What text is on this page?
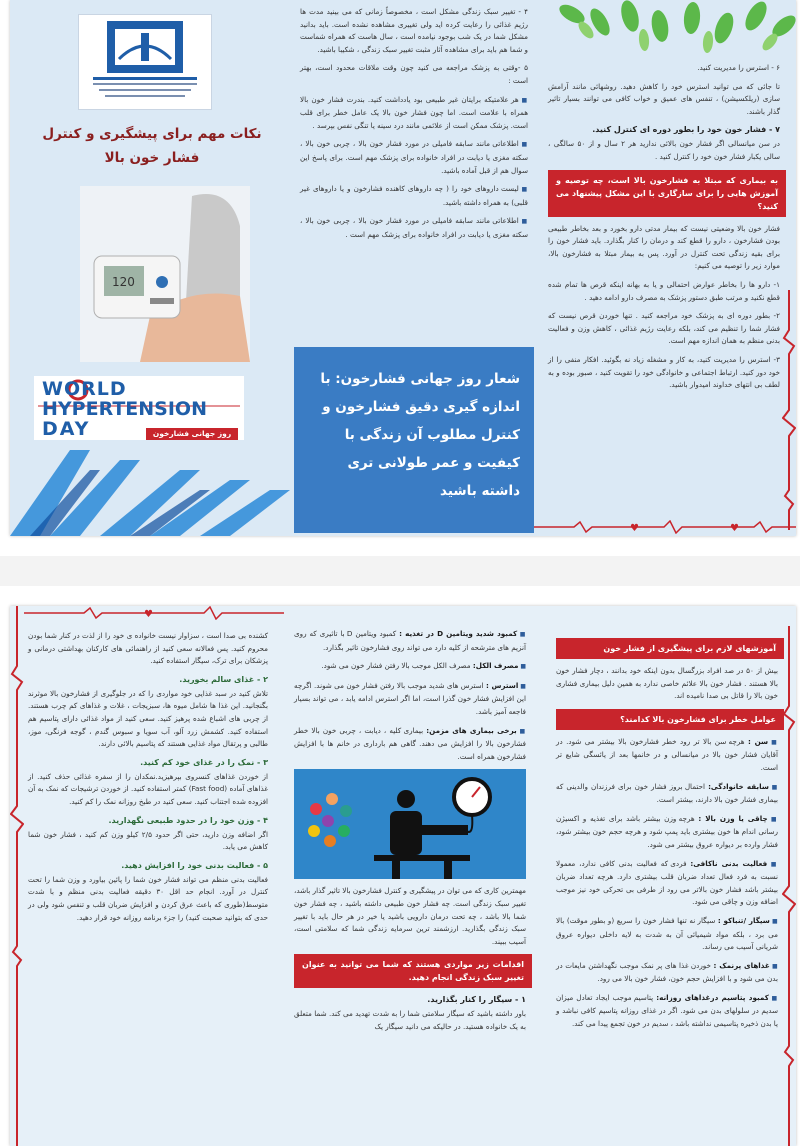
۶ - استرس را مدیریت کنید.

تا جائی که می توانید استرس خود را کاهش دهید. روشهائی مانند آرامش سازی (ریلکسیشن) ، تنفس های عمیق و خواب کافی می توانند بسیار تاثیر گذار باشند.

۷ - فشار خون خود را بطور دوره ای کنترل کنید.

در سن میانسالی اگر فشار خون بالائی ندارید هر ۲ سال و از ۵۰ سالگی ، سالی یکبار فشار خون خود را کنترل کنید .

به بیماری که مبتلا به فشارخون بالا است، چه توصیه و آموزش هایی را برای سازگاری با این مشکل پیشنهاد می کنید؟

فشار خون بالا وضعیتی نیست که بیمار مدتی دارو بخورد و بعد بخاطر طبیعی بودن فشارخون ، دارو را قطع کند و درمان را کنار بگذارد. باید فشار خون را برای بقیه زندگی تحت کنترل در آورد. پس به بیمار مبتلا به فشارخون بالا، موارد زیر را توصیه می کنیم:

۱- دارو ها را بخاطر عوارض احتمالی و یا به بهانه اینکه قرص ها تمام شده قطع نکنید و مرتب طبق دستور پزشک به مصرف دارو ادامه دهید .

۲- بطور دوره ای به پزشک خود مراجعه کنید . تنها خوردن قرص نیست که فشار شما را تنظیم می کند، بلکه رعایت رژیم غذائی ، کاهش وزن و فعالیت بدنی منظم به همان اندازه مهم است.

۳- استرس را مدیریت کنید، به کار و مشغله زیاد نه بگوئید. افکار منفی را از خود دور کنید. ارتباط اجتماعی و خانوادگی خود را تقویت کنید ، صبور بوده و به لطف بی انتهای خداوند امیدوار باشید.

♥	♥

۴ - تغییر سبک زندگی مشکل است ، مخصوصاً زمانی که می بینید مدت ها رژیم غذائی را رعایت کرده اید ولی تغییری مشاهده نشده است. باید بدانید مشکل شما در یک شب بوجود نیامده است ، سال هاست که همراه شماست و شما هم باید برای مشاهده آثار مثبت تغییر سبک زندگی ، شکیبا باشید.

۵ -وقتی به پزشک مراجعه می کنید چون وقت ملاقات محدود است، بهتر است :

■ هر علامتیکه برایتان غیر طبیعی بود یادداشت کنید. بندرت فشار خون بالا همراه با علامت است. اما چون فشار خون بالا یک عامل خطر برای قلب است. پزشک ممکن است از علائمی مانند درد سینه یا تنگی نفس بپرسد .

■ اطلاعاتی مانند سابقه فامیلی در مورد فشار خون بالا ، چربی خون بالا ، سکته مغزی یا دیابت در افراد خانواده برای پزشک مهم است. برای پاسخ این سوال هم از قبل آماده باشید.

■ لیست داروهای خود را ( چه داروهای کاهنده فشارخون و یا داروهای غیر قلبی) به همراه داشته باشید.

■ اطلاعاتی مانند سابقه فامیلی در مورد فشار خون بالا ، چربی خون بالا ، سکته مغزی یا دیابت در افراد خانواده برای پزشک مهم است .

شعار روز جهانی فشارخون: با اندازه گیری دقیق فشارخون و کنترل مطلوب آن زندگی با کیفیت و عمر طولانی تری داشته باشید
نکات مهم برای پیشگیری و کنترل فشار خون بالا
120
WORLD
HYPERTENSION
DAY	روز جهانی فشارخون
♥
آموزشهای لازم برای پیشگیری از فشار خون

بیش از ۵۰ در صد افراد بزرگسال بدون اینکه خود بدانند ، دچار فشار خون بالا هستند . فشار خون بالا علائم خاصی ندارد به همین دلیل بیماری فشاری خون بالا را قاتل بی صدا نامیده اند.

عوامل خطر برای فشارخون بالا کدامند؟

■ سن : هرچه سن بالا تر رود خطر فشارخون بالا بیشتر می شود. در آقایان فشار خون بالا در میانسالی و در خانمها بعد از یائسگی شایع تر است.

■ سابقه خانوادگی: احتمال بروز فشار خون برای فرزندان والدینی که بیماری فشار خون بالا دارند، بیشتر است.

■ چاقی یا وزن بالا : هرچه وزن بیشتر باشد برای تغذیه و اکسیژن رسانی اندام ها خون بیشتری باید پمپ شود و هرچه حجم خون بیشتر شود، فشار وارده بر دیواره عروق بیشتر می شود.

■ فعالیت بدنی ناکافی: فردی که فعالیت بدنی کافی ندارد، معمولا نسبت به فرد فعال تعداد ضربان قلب بیشتری دارد. هرچه تعداد ضربان بیشتر باشد فشار خون بالاتر می رود از طرفی بی تحرکی خود نیز موجب اضافه وزن و چاقی می شود.

■ سیگار /تنباکو : سیگار نه تنها فشار خون را سریع (و بطور موقت) بالا می برد ، بلکه مواد شیمیائی آن به شدت به لایه داخلی دیواره عروق شریانی آسیب می رساند.

■ غذاهای پرنمک : خوردن غذا های پر نمک موجب نگهداشتن مایعات در بدن می شود و با افزایش حجم خون، فشار خون بالا می رود.

■ کمبود پتاسیم درغذاهای روزانه: پتاسیم موجب ایجاد تعادل میزان سدیم در سلولهای بدن می شود. اگر در غذای روزانه پتاسیم کافی نباشد و یا بدن ذخیره پتاسیمی نداشته باشد ، سدیم در خون تجمع پیدا می کند.

■ کمبود شدید ویتامین D در تغذیه : کمبود ویتامین D با تاثیری که روی آنزیم های مترشحه از کلیه دارد می تواند روی فشارخون تاثیر بگذارد.

■ مصرف الکل: مصرف الکل موجب بالا رفتن فشار خون می شود.

■ استرس : استرس های شدید موجب بالا رفتن فشار خون می شوند. اگرچه این افزایش فشار خون گذرا است، اما اگر استرس ادامه یابد ، می تواند بسیار فاجعه آمیز باشد.

■ برخی بیماری های مزمن: بیماری کلیه ، دیابت ، چربی خون بالا خطر فشارخون بالا را افزایش می دهند. گاهی هم بارداری در خانم ها با افزایش فشارخون همراه است.

مهمترین کاری که می توان در پیشگیری و کنترل فشارخون بالا تاثیر گذار باشد، تغییر سبک زندگی است. چه فشار خون طبیعی داشته باشید ، چه فشار خون شما بالا باشد ، چه تحت درمان دارویی باشید یا خیر در هر حال باید با تغییر سبک زندگی بگذارید. ارزشمند ترین سرمایه زندگی شما که سلامتی است، آسیب ببیند.

اقدامات زیر مواردی هستند که شما می توانید به عنوان تغییر سبک زندگی انجام دهید.
۱ - سیگار را کنار بگذارید.

باور داشته باشید که سیگار سلامتی شما را به شدت تهدید می کند. شما متعلق به یک خانواده هستید. در حالیکه می دانید سیگار یک

کشنده بی صدا است ، سزاوار نیست خانواده ی خود را از لذت در کنار شما بودن محروم کنید. پس فعالانه سعی کنید از راهنمائی های کارکنان بهداشتی درمانی و پزشکان برای ترک، سیگار استفاده کنید.

۲ - غذای سالم بخورید.

تلاش کنید در سبد غذایی خود مواردی را که در جلوگیری از فشارخون بالا موثرند بگنجانید. این غذا ها شامل میوه ها، سبزیجات ، غلات و غذاهای کم چرب هستند. از چربی های اشباع شده پرهیز کنید. سعی کنید از مواد غذائی دارای پتاسیم هم استفاده کنید. کشمش زرد آلو، آب سویا و سبوس گندم ، گوجه فرنگی، موز، طالبی و پرتقال مواد غذایی هستند که پتاسیم بالائی دارند.

۳ - نمک را در غذای خود کم کنید.

از خوردن غذاهای کنسروی بپرهیزید.نمکدان را از سفره غذائی حذف کنید. از غذاهای آماده (Fast food) کمتر استفاده کنید. از خوردن ترشیجات که نمک به آن افزوده شده اجتناب کنید. سعی کنید در طبخ روزانه نمک را کم کنید.

۴ - وزن خود را در حدود طبیعی نگهدارید.

اگر اضافه وزن دارید، حتی اگر حدود ۲/۵ کیلو وزن کم کنید ، فشار خون شما کاهش می یابد.

۵ - فعالیت بدنی خود را افزایش دهید.

فعالیت بدنی منظم می تواند فشار خون شما را پائین بیاورد و وزن شما را تحت کنترل در آورد. انجام حد اقل ۳۰ دقیقه فعالیت بدنی منظم و با شدت متوسط(طوری که باعث عرق کردن و افزایش ضربان قلب و تنفس شود ولی در حدی که بتوانید صحبت کنید) را جزء برنامه روزانه خود قرار دهید.
